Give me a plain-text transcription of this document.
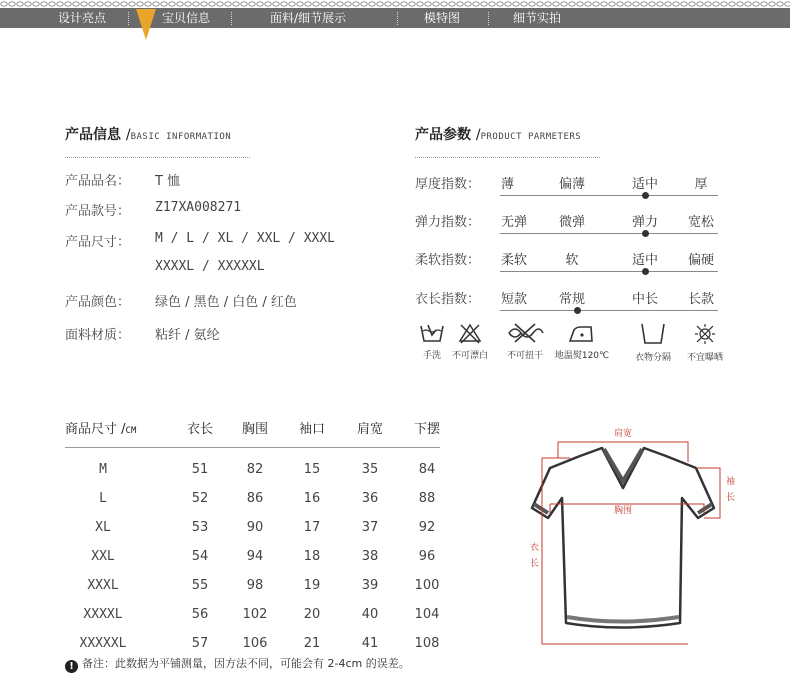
设计亮点	宝贝信息	面料/细节展示	模特图	细节实拍
产品信息 /BASIC INFORMATION
产品品名： T 恤
产品款号： Z17XA008271
产品尺寸： M / L / XL / XXL / XXXL
XXXXL / XXXXXL
产品颜色： 绿色 / 黑色 / 白色 / 红色
面料材质： 粘纤 / 氨纶
产品参数 /PRODUCT PARMETERS
厚度指数： 薄	偏薄	适中	厚
弹力指数： 无弹	微弹	弹力	宽松
柔软指数： 柔软	软	适中	偏硬
衣长指数： 短款	常规	中长	长款
手洗	不可漂白	不可扭干	地温熨120℃	衣物分隔	不宜曝晒
商品尺寸 /CM	衣长 胸围 袖口 肩宽 下摆
M	51	82	15	35	84
L	52	86	16	36	88
XL	53	90	17	37	92
XXL	54	94	18	38	96
XXXL	55	98	19	39	100
XXXXL	56	102	20	40	104
XXXXXL	57	106	21	41	108
! 备注：此数据为平铺测量，因方法不同，可能会有 2-4cm 的误差。
肩宽
胸围
袖
长
衣
长
